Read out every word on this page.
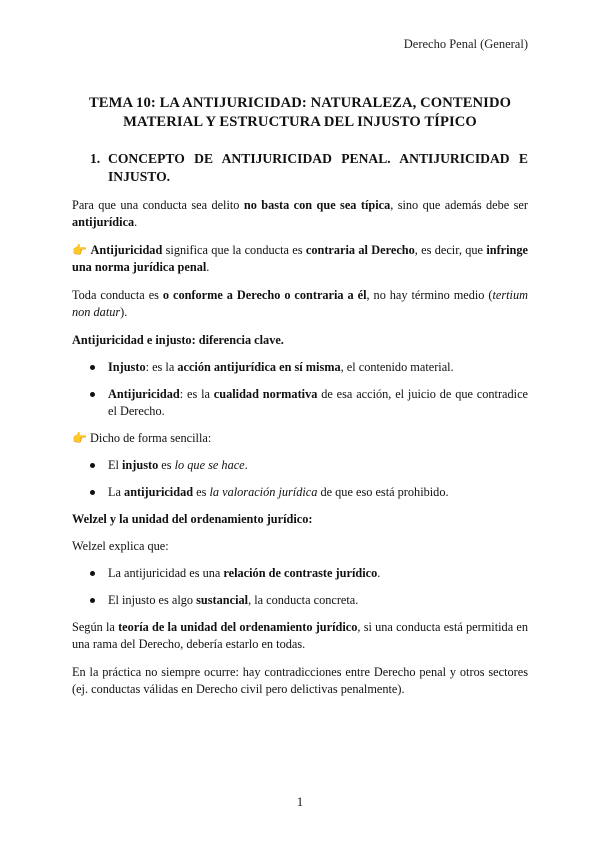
Derecho Penal (General)
TEMA 10: LA ANTIJURICIDAD: NATURALEZA, CONTENIDO
MATERIAL Y ESTRUCTURA DEL INJUSTO TÍPICO
1. CONCEPTO DE ANTIJURICIDAD PENAL. ANTIJURICIDAD E INJUSTO.

Para que una conducta sea delito no basta con que sea típica, sino que además debe ser antijurídica.

👉 Antijuricidad significa que la conducta es contraria al Derecho, es decir, que infringe una norma jurídica penal.

Toda conducta es o conforme a Derecho o contraria a él, no hay término medio (tertium non datur).

Antijuricidad e injusto: diferencia clave.

Injusto: es la acción antijurídica en sí misma, el contenido material.
Antijuricidad: es la cualidad normativa de esa acción, el juicio de que contradice el Derecho.

👉 Dicho de forma sencilla:

El injusto es lo que se hace.
La antijuricidad es la valoración jurídica de que eso está prohibido.

Welzel y la unidad del ordenamiento jurídico:

Welzel explica que:

La antijuricidad es una relación de contraste jurídico.
El injusto es algo sustancial, la conducta concreta.

Según la teoría de la unidad del ordenamiento jurídico, si una conducta está permitida en una rama del Derecho, debería estarlo en todas.

En la práctica no siempre ocurre: hay contradicciones entre Derecho penal y otros sectores (ej. conductas válidas en Derecho civil pero delictivas penalmente).

1
